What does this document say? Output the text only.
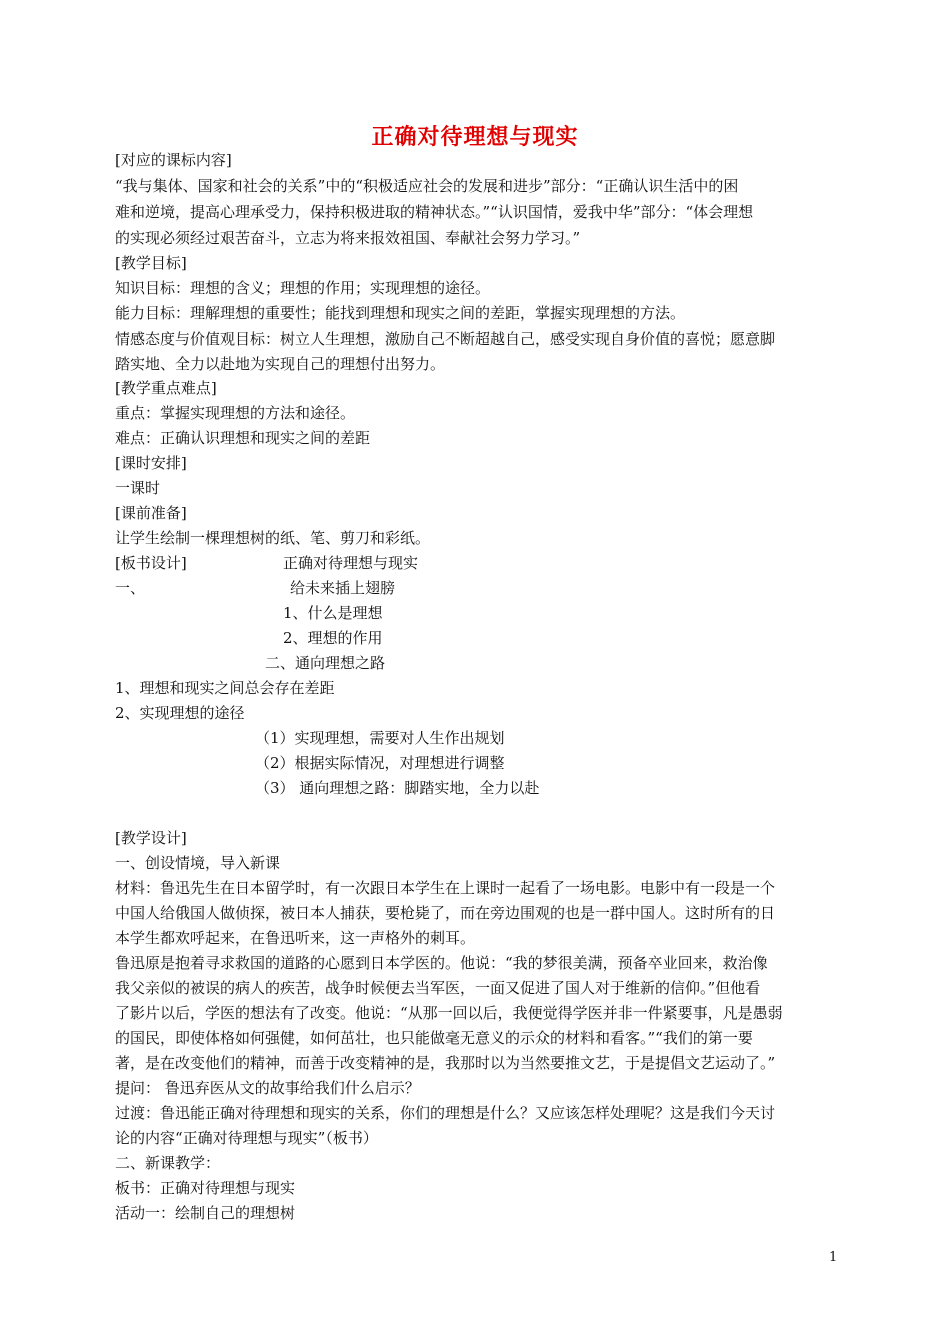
正确对待理想与现实
[对应的课标内容]
“我与集体、国家和社会的关系”中的“积极适应社会的发展和进步”部分：“正确认识生活中的困
难和逆境，提高心理承受力，保持积极进取的精神状态。”“认识国情，爱我中华”部分：“体会理想
的实现必须经过艰苦奋斗，立志为将来报效祖国、奉献社会努力学习。”
[教学目标]
知识目标：理想的含义；理想的作用；实现理想的途径。
能力目标：理解理想的重要性；能找到理想和现实之间的差距，掌握实现理想的方法。
情感态度与价值观目标：树立人生理想，激励自己不断超越自己，感受实现自身价值的喜悦；愿意脚
踏实地、全力以赴地为实现自己的理想付出努力。
[教学重点难点]
重点：掌握实现理想的方法和途径。
难点：正确认识理想和现实之间的差距
[课时安排]
一课时
[课前准备]
让学生绘制一棵理想树的纸、笔、剪刀和彩纸。
[板书设计]	正确对待理想与现实
一、	给未来插上翅膀
1、什么是理想
2、理想的作用
二、通向理想之路
1、理想和现实之间总会存在差距
2、实现理想的途径
（1）实现理想，需要对人生作出规划
（2）根据实际情况，对理想进行调整
（3） 通向理想之路：脚踏实地，全力以赴
[教学设计]
一、创设情境，导入新课
材料：鲁迅先生在日本留学时，有一次跟日本学生在上课时一起看了一场电影。电影中有一段是一个
中国人给俄国人做侦探，被日本人捕获，要枪毙了，而在旁边围观的也是一群中国人。这时所有的日
本学生都欢呼起来，在鲁迅听来，这一声格外的刺耳。
鲁迅原是抱着寻求救国的道路的心愿到日本学医的。他说：“我的梦很美满，预备卒业回来，救治像
我父亲似的被误的病人的疾苦，战争时候便去当军医，一面又促进了国人对于维新的信仰。”但他看
了影片以后，学医的想法有了改变。他说：“从那一回以后，我便觉得学医并非一件紧要事，凡是愚弱
的国民，即使体格如何强健，如何茁壮，也只能做毫无意义的示众的材料和看客。”“我们的第一要
著，是在改变他们的精神，而善于改变精神的是，我那时以为当然要推文艺，于是提倡文艺运动了。”
提问： 鲁迅弃医从文的故事给我们什么启示？
过渡：鲁迅能正确对待理想和现实的关系，你们的理想是什么？又应该怎样处理呢？这是我们今天讨
论的内容“正确对待理想与现实”（板书）
二、新课教学：
板书：正确对待理想与现实
活动一：绘制自己的理想树
1
